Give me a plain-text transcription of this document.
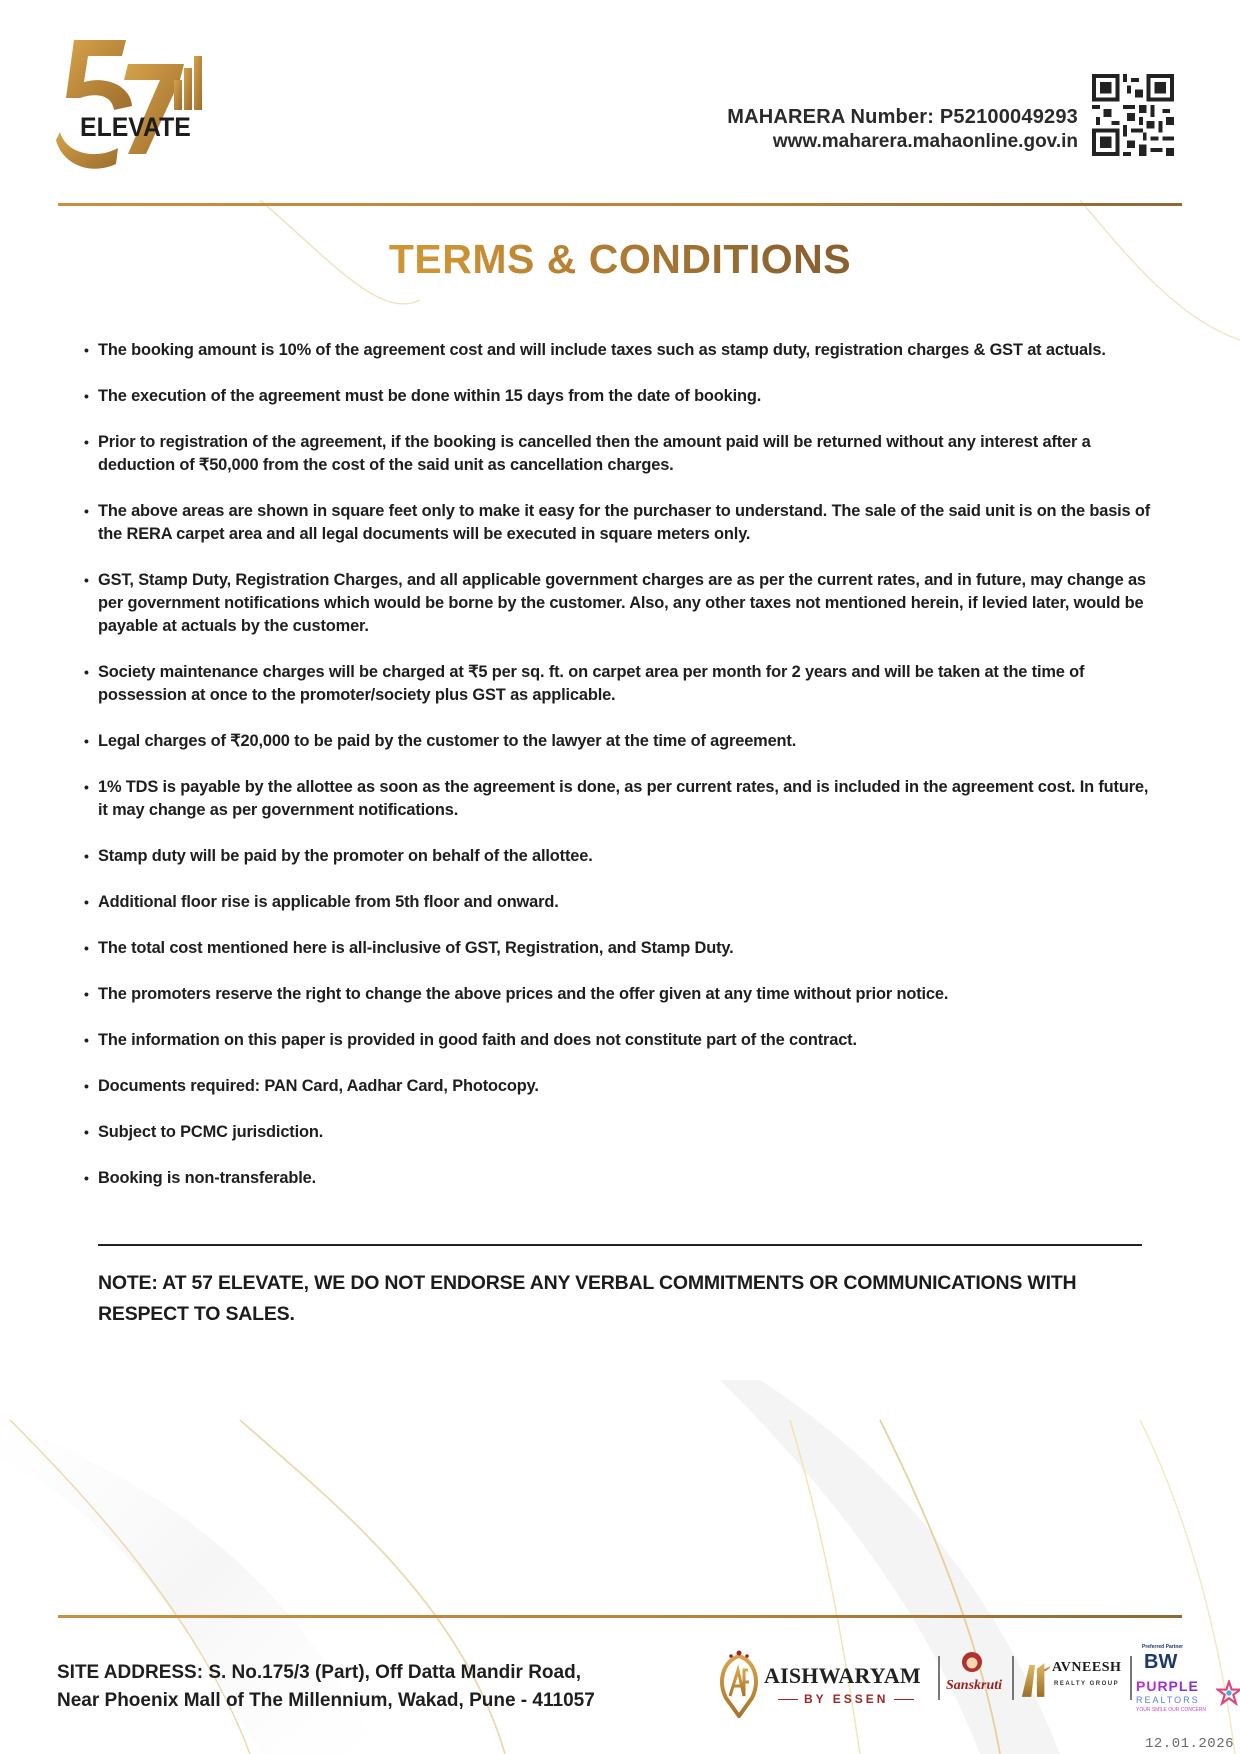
ELEVATE	MAHARERA Number: P52100049293
www.maharera.mahaonline.gov.in
TERMS & CONDITIONS
• The booking amount is 10% of the agreement cost and will include taxes such as stamp duty, registration charges & GST at actuals.
• The execution of the agreement must be done within 15 days from the date of booking.
• Prior to registration of the agreement, if the booking is cancelled then the amount paid will be returned without any interest after a deduction of ₹50,000 from the cost of the said unit as cancellation charges.
• The above areas are shown in square feet only to make it easy for the purchaser to understand. The sale of the said unit is on the basis of the RERA carpet area and all legal documents will be executed in square meters only.
• GST, Stamp Duty, Registration Charges, and all applicable government charges are as per the current rates, and in future, may change as per government notifications which would be borne by the customer. Also, any other taxes not mentioned herein, if levied later, would be payable at actuals by the customer.
• Society maintenance charges will be charged at ₹5 per sq. ft. on carpet area per month for 2 years and will be taken at the time of possession at once to the promoter/society plus GST as applicable.
• Legal charges of ₹20,000 to be paid by the customer to the lawyer at the time of agreement.
• 1% TDS is payable by the allottee as soon as the agreement is done, as per current rates, and is included in the agreement cost. In future, it may change as per government notifications.
• Stamp duty will be paid by the promoter on behalf of the allottee.
• Additional floor rise is applicable from 5th floor and onward.
• The total cost mentioned here is all-inclusive of GST, Registration, and Stamp Duty.
• The promoters reserve the right to change the above prices and the offer given at any time without prior notice.
• The information on this paper is provided in good faith and does not constitute part of the contract.
• Documents required: PAN Card, Aadhar Card, Photocopy.
• Subject to PCMC jurisdiction.
• Booking is non-transferable.
NOTE: AT 57 ELEVATE, WE DO NOT ENDORSE ANY VERBAL COMMITMENTS OR COMMUNICATIONS WITH RESPECT TO SALES.
SITE ADDRESS: S. No.175/3 (Part), Off Datta Mandir Road,
Near Phoenix Mall of The Millennium, Wakad, Pune - 411057
AISHWARYAM
BY ESSEN
Sanskruti
AVNEESH
REALTY GROUP
Preferred Partner
BW
PURPLE
REALTORS
YOUR SMILE OUR CONCERN
12.01.2026
